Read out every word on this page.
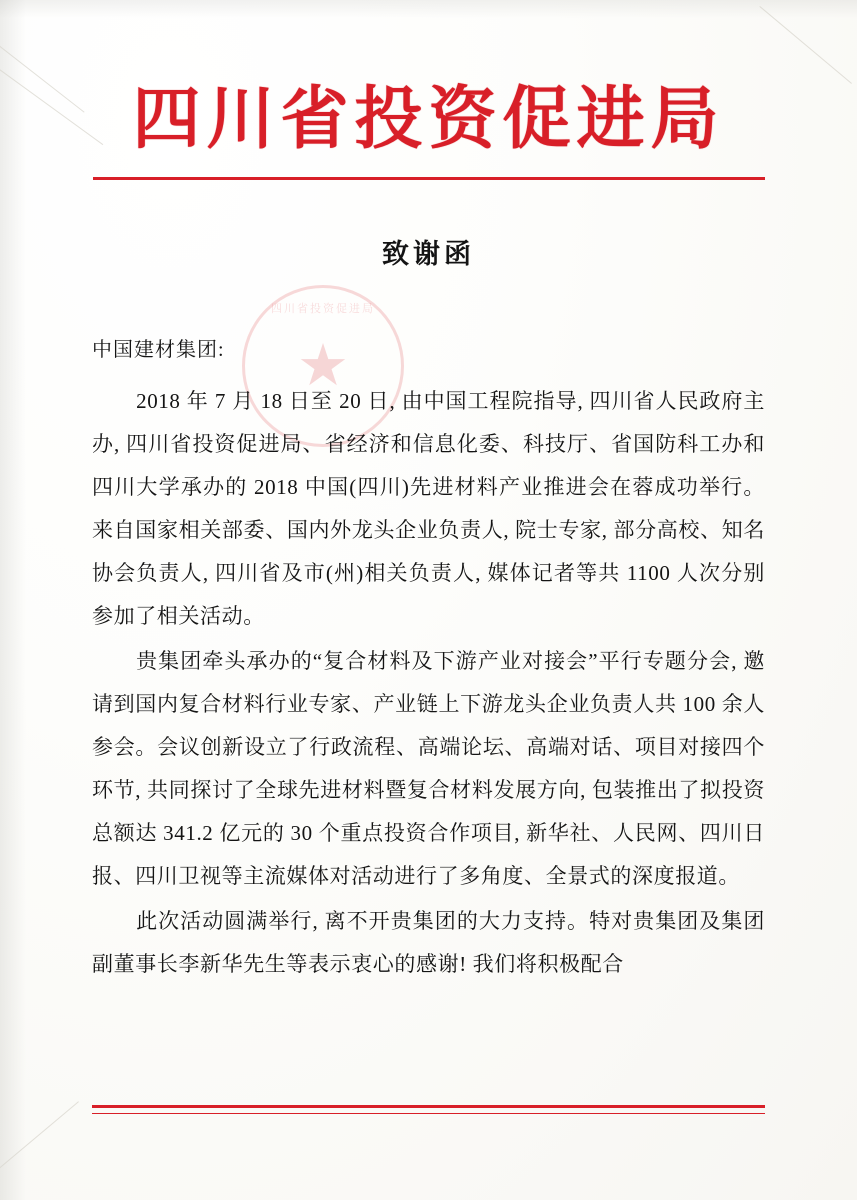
四川省投资促进局
四川省投资促进局
★
致谢函
中国建材集团:

2018 年 7 月 18 日至 20 日, 由中国工程院指导, 四川省人民政府主办, 四川省投资促进局、省经济和信息化委、科技厅、省国防科工办和四川大学承办的 2018 中国(四川)先进材料产业推进会在蓉成功举行。来自国家相关部委、国内外龙头企业负责人, 院士专家, 部分高校、知名协会负责人, 四川省及市(州)相关负责人, 媒体记者等共 1100 人次分别参加了相关活动。

贵集团牵头承办的“复合材料及下游产业对接会”平行专题分会, 邀请到国内复合材料行业专家、产业链上下游龙头企业负责人共 100 余人参会。会议创新设立了行政流程、高端论坛、高端对话、项目对接四个环节, 共同探讨了全球先进材料暨复合材料发展方向, 包装推出了拟投资总额达 341.2 亿元的 30 个重点投资合作项目, 新华社、人民网、四川日报、四川卫视等主流媒体对活动进行了多角度、全景式的深度报道。

此次活动圆满举行, 离不开贵集团的大力支持。特对贵集团及集团副董事长李新华先生等表示衷心的感谢! 我们将积极配合
